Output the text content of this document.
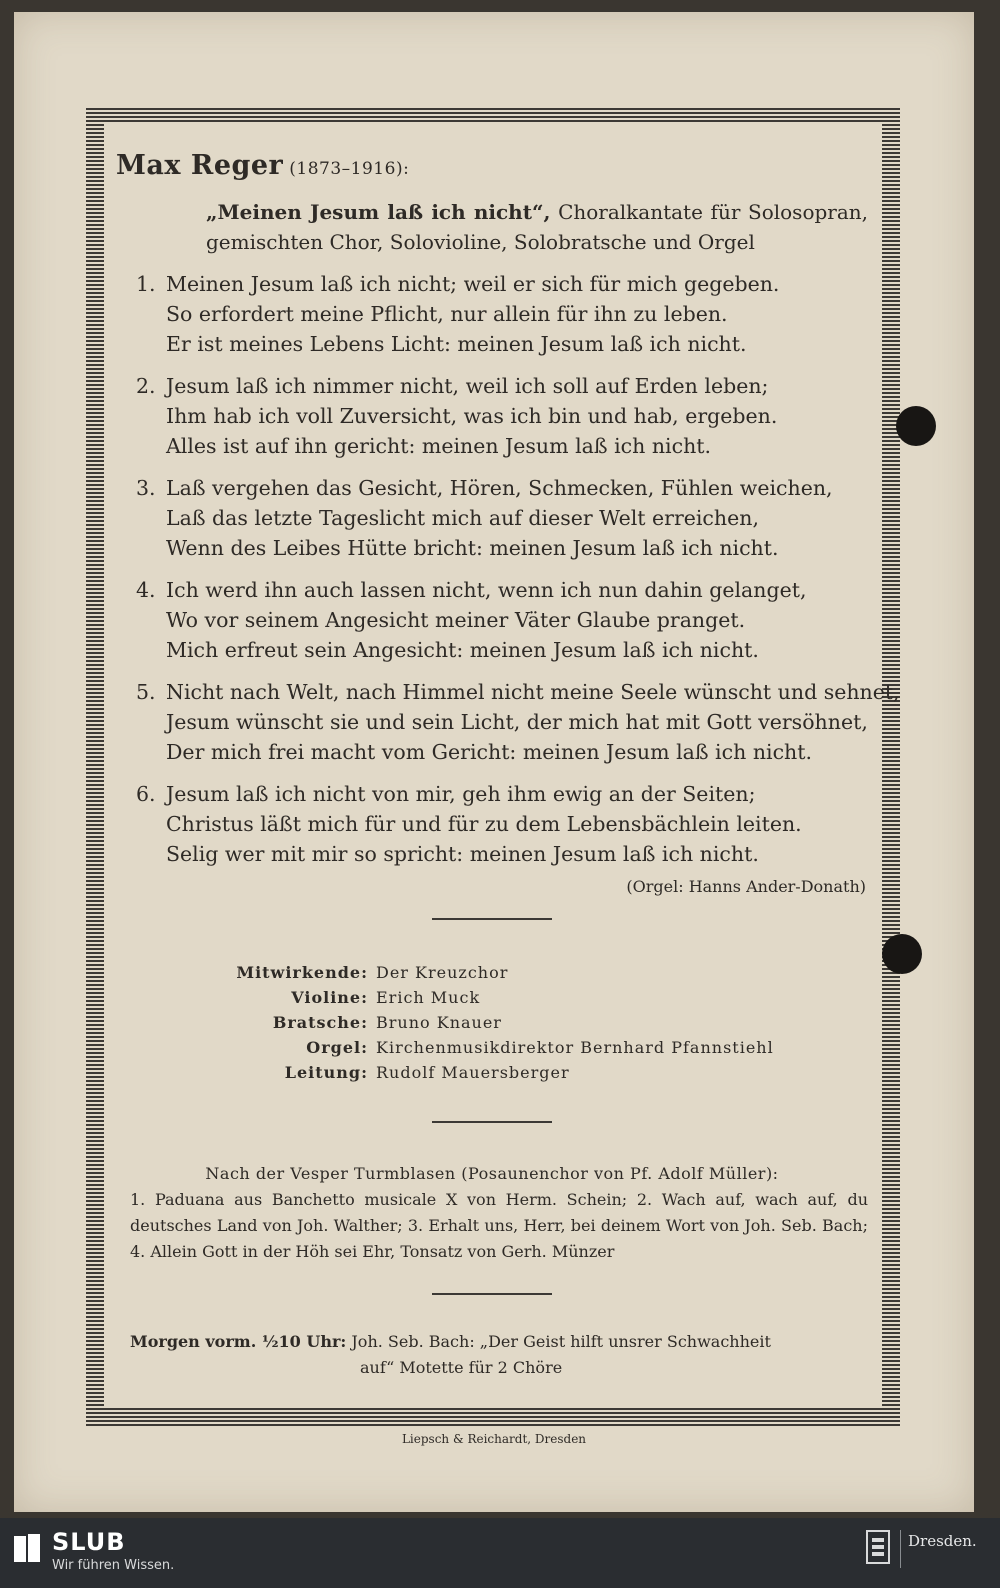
Max Reger (1873–1916):
„Meinen Jesum laß ich nicht“, Choralkantate für Solosopran, gemischten Chor, Solovioline, Solobratsche und Orgel
1. Meinen Jesum laß ich nicht; weil er sich für mich gegeben.
So erfordert meine Pflicht, nur allein für ihn zu leben.
Er ist meines Lebens Licht: meinen Jesum laß ich nicht.
2. Jesum laß ich nimmer nicht, weil ich soll auf Erden leben;
Ihm hab ich voll Zuversicht, was ich bin und hab, ergeben.
Alles ist auf ihn gericht: meinen Jesum laß ich nicht.
3. Laß vergehen das Gesicht, Hören, Schmecken, Fühlen weichen,
Laß das letzte Tageslicht mich auf dieser Welt erreichen,
Wenn des Leibes Hütte bricht: meinen Jesum laß ich nicht.
4. Ich werd ihn auch lassen nicht, wenn ich nun dahin gelanget,
Wo vor seinem Angesicht meiner Väter Glaube pranget.
Mich erfreut sein Angesicht: meinen Jesum laß ich nicht.
5. Nicht nach Welt, nach Himmel nicht meine Seele wünscht und sehnet,
Jesum wünscht sie und sein Licht, der mich hat mit Gott versöhnet,
Der mich frei macht vom Gericht: meinen Jesum laß ich nicht.
6. Jesum laß ich nicht von mir, geh ihm ewig an der Seiten;
Christus läßt mich für und für zu dem Lebensbächlein leiten.
Selig wer mit mir so spricht: meinen Jesum laß ich nicht.
(Orgel: Hanns Ander-Donath)
Mitwirkende: Der Kreuzchor
Violine: Erich Muck
Bratsche: Bruno Knauer
Orgel: Kirchenmusikdirektor Bernhard Pfannstiehl
Leitung: Rudolf Mauersberger
Nach der Vesper Turmblasen (Posaunenchor von Pf. Adolf Müller):
1. Paduana aus Banchetto musicale X von Herm. Schein; 2. Wach auf, wach auf, du deutsches Land von Joh. Walther; 3. Erhalt uns, Herr, bei deinem Wort von Joh. Seb. Bach; 4. Allein Gott in der Höh sei Ehr, Tonsatz von Gerh. Münzer
Morgen vorm. ½10 Uhr: Joh. Seb. Bach: „Der Geist hilft unsrer Schwachheit
auf“ Motette für 2 Chöre
Liepsch & Reichardt, Dresden
SLUB
Wir führen Wissen.
Dresden.
